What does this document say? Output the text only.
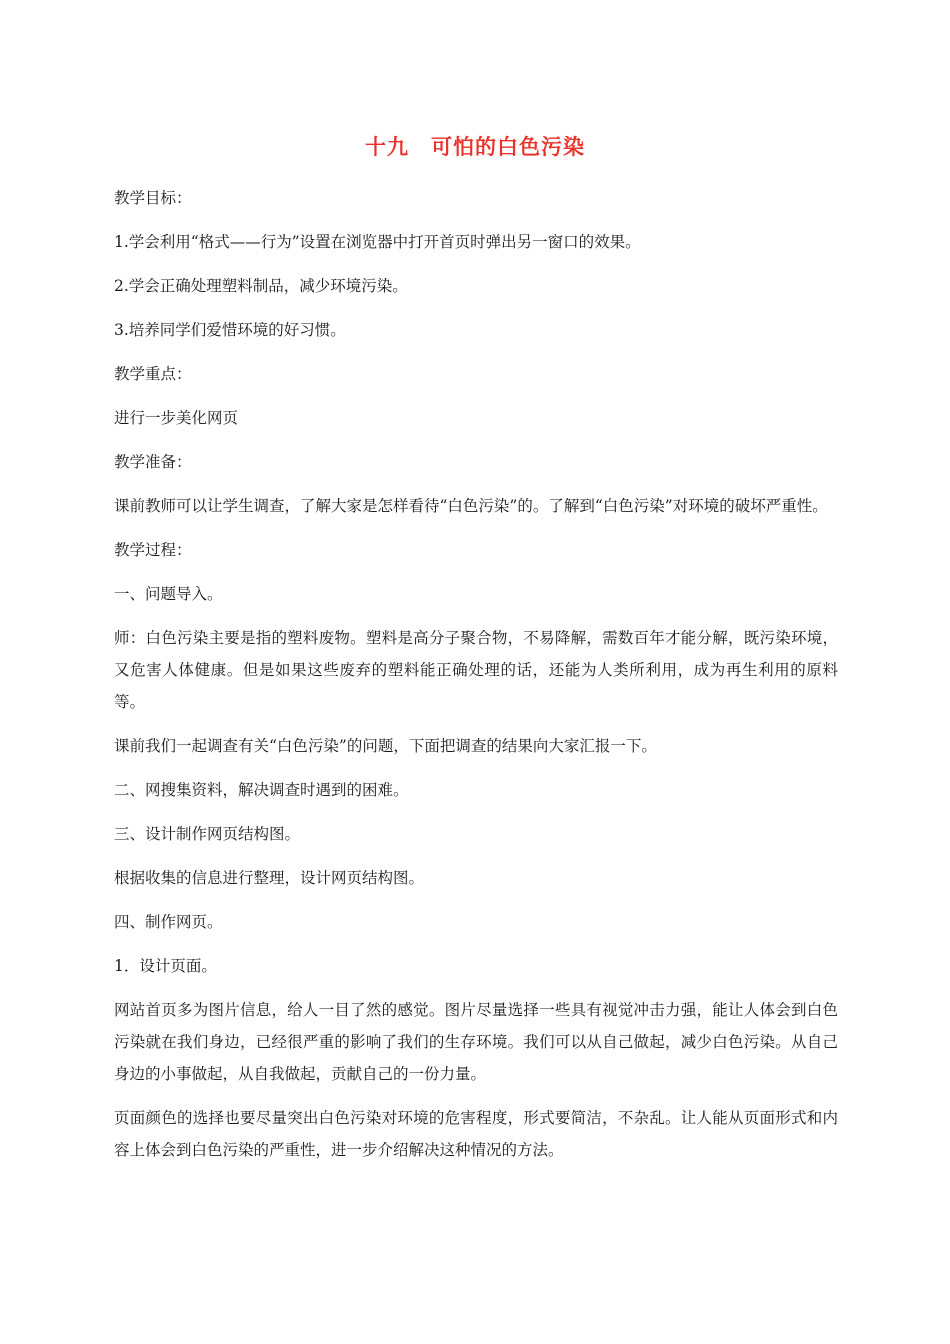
十九　可怕的白色污染

教学目标：

1.学会利用“格式——行为”设置在浏览器中打开首页时弹出另一窗口的效果。

2.学会正确处理塑料制品，减少环境污染。

3.培养同学们爱惜环境的好习惯。

教学重点：

进行一步美化网页

教学准备：

课前教师可以让学生调查，了解大家是怎样看待“白色污染”的。了解到“白色污染”对环境的破坏严重性。

教学过程：

一、问题导入。

师：白色污染主要是指的塑料废物。塑料是高分子聚合物，不易降解，需数百年才能分解，既污染环境，又危害人体健康。但是如果这些废弃的塑料能正确处理的话，还能为人类所利用，成为再生利用的原料等。

课前我们一起调查有关“白色污染”的问题，下面把调查的结果向大家汇报一下。

二、网搜集资料，解决调查时遇到的困难。

三、设计制作网页结构图。

根据收集的信息进行整理，设计网页结构图。

四、制作网页。

1．设计页面。

网站首页多为图片信息，给人一目了然的感觉。图片尽量选择一些具有视觉冲击力强，能让人体会到白色污染就在我们身边，已经很严重的影响了我们的生存环境。我们可以从自己做起，减少白色污染。从自己身边的小事做起，从自我做起，贡献自己的一份力量。

页面颜色的选择也要尽量突出白色污染对环境的危害程度，形式要简洁，不杂乱。让人能从页面形式和内容上体会到白色污染的严重性，进一步介绍解决这种情况的方法。
